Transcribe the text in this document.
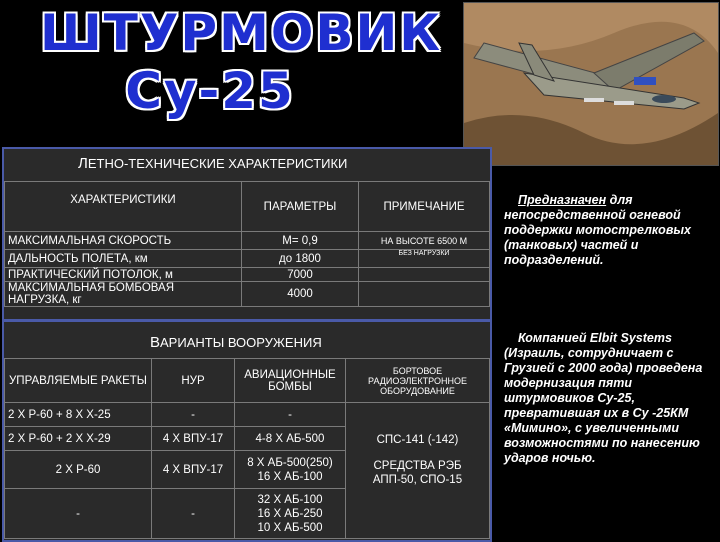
ШТУРМОВИК
Су-25
ЛЕТНО-ТЕХНИЧЕСКИЕ ХАРАКТЕРИСТИКИ
ХАРАКТЕРИСТИКИ	ПАРАМЕТРЫ	ПРИМЕЧАНИЕ
МАКСИМАЛЬНАЯ СКОРОСТЬ	М= 0,9	НА ВЫСОТЕ 6500 М
ДАЛЬНОСТЬ ПОЛЕТА, км	до 1800	БЕЗ НАГРУЗКИ
ПРАКТИЧЕСКИЙ ПОТОЛОК, м	7000	
МАКСИМАЛЬНАЯ БОМБОВАЯ НАГРУЗКА, кг	4000	
ВАРИАНТЫ ВООРУЖЕНИЯ
УПРАВЛЯЕМЫЕ РАКЕТЫ	НУР	АВИАЦИОННЫЕ БОМБЫ	БОРТОВОЕ РАДИОЭЛЕКТРОННОЕ ОБОРУДОВАНИЕ
2 Х Р-60 + 8 Х Х-25	-	-	СПС-141 (-142)
СРЕДСТВА РЭБ
АПП-50, СПО-15

2 Х Р-60 + 2 Х Х-29	4 Х ВПУ-17	4-8 Х АБ-500	
2 Х Р-60	4 Х ВПУ-17	8 Х АБ-500(250)
16 Х АБ-100	

-	-	32 Х АБ-100
16 Х АБ-250
10 Х АБ-500	
Предназначен для непосредственной огневой поддержки мотострелковых (танковых) частей и подразделений.
Компанией Elbit Systems (Израиль, сотрудничает с Грузией с 2000 года) проведена модернизация пяти штурмовиков Су-25, превратившая их в Су -25КМ «Мимино», с увеличенными возможностями по нанесению ударов ночью.
